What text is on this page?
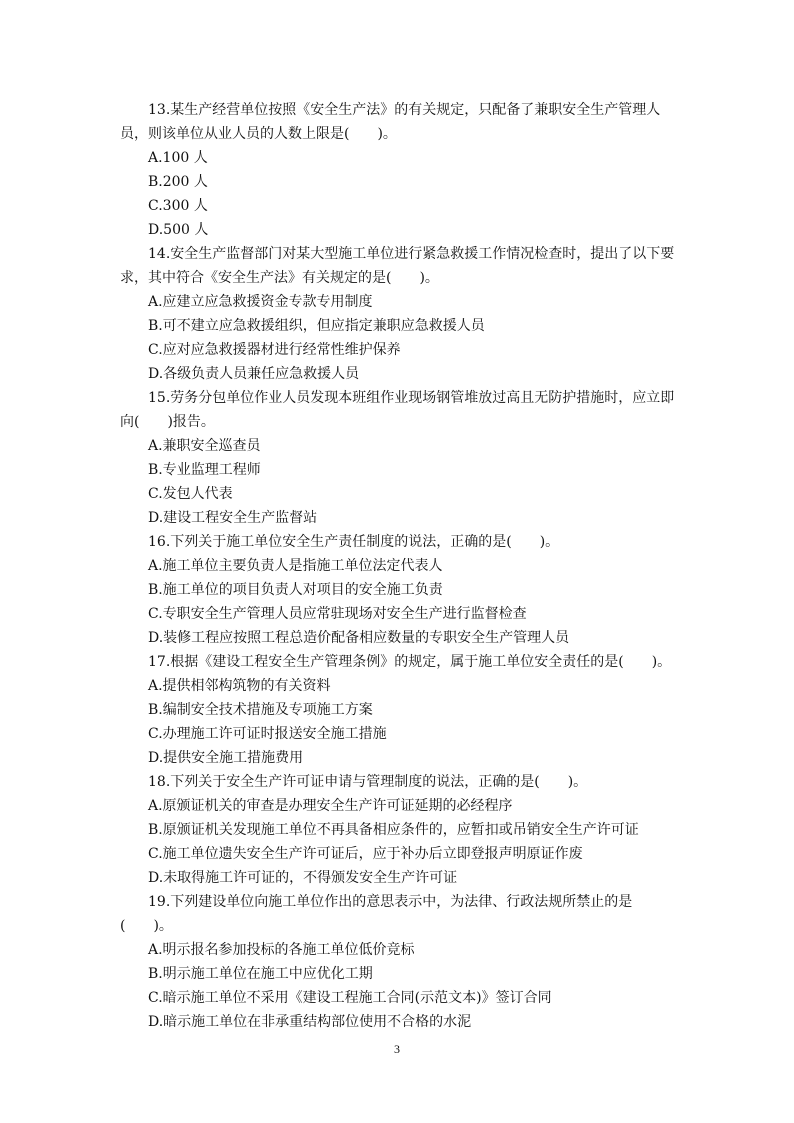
13.某生产经营单位按照《安全生产法》的有关规定，只配备了兼职安全生产管理人员，则该单位从业人员的人数上限是(　　)。

A.100 人

B.200 人

C.300 人

D.500 人

14.安全生产监督部门对某大型施工单位进行紧急救援工作情况检查时，提出了以下要求，其中符合《安全生产法》有关规定的是(　　)。

A.应建立应急救援资金专款专用制度

B.可不建立应急救援组织，但应指定兼职应急救援人员

C.应对应急救援器材进行经常性维护保养

D.各级负责人员兼任应急救援人员

15.劳务分包单位作业人员发现本班组作业现场钢管堆放过高且无防护措施时，应立即向(　　)报告。

A.兼职安全巡查员

B.专业监理工程师

C.发包人代表

D.建设工程安全生产监督站

16.下列关于施工单位安全生产责任制度的说法，正确的是(　　)。

A.施工单位主要负责人是指施工单位法定代表人

B.施工单位的项目负责人对项目的安全施工负责

C.专职安全生产管理人员应常驻现场对安全生产进行监督检查

D.装修工程应按照工程总造价配备相应数量的专职安全生产管理人员

17.根据《建设工程安全生产管理条例》的规定，属于施工单位安全责任的是(　　)。

A.提供相邻构筑物的有关资料

B.编制安全技术措施及专项施工方案

C.办理施工许可证时报送安全施工措施

D.提供安全施工措施费用

18.下列关于安全生产许可证申请与管理制度的说法，正确的是(　　)。

A.原颁证机关的审查是办理安全生产许可证延期的必经程序

B.原颁证机关发现施工单位不再具备相应条件的，应暂扣或吊销安全生产许可证

C.施工单位遗失安全生产许可证后，应于补办后立即登报声明原证作废

D.未取得施工许可证的，不得颁发安全生产许可证

19.下列建设单位向施工单位作出的意思表示中，为法律、行政法规所禁止的是(　　)。

A.明示报名参加投标的各施工单位低价竞标

B.明示施工单位在施工中应优化工期

C.暗示施工单位不采用《建设工程施工合同(示范文本)》签订合同

D.暗示施工单位在非承重结构部位使用不合格的水泥

3
